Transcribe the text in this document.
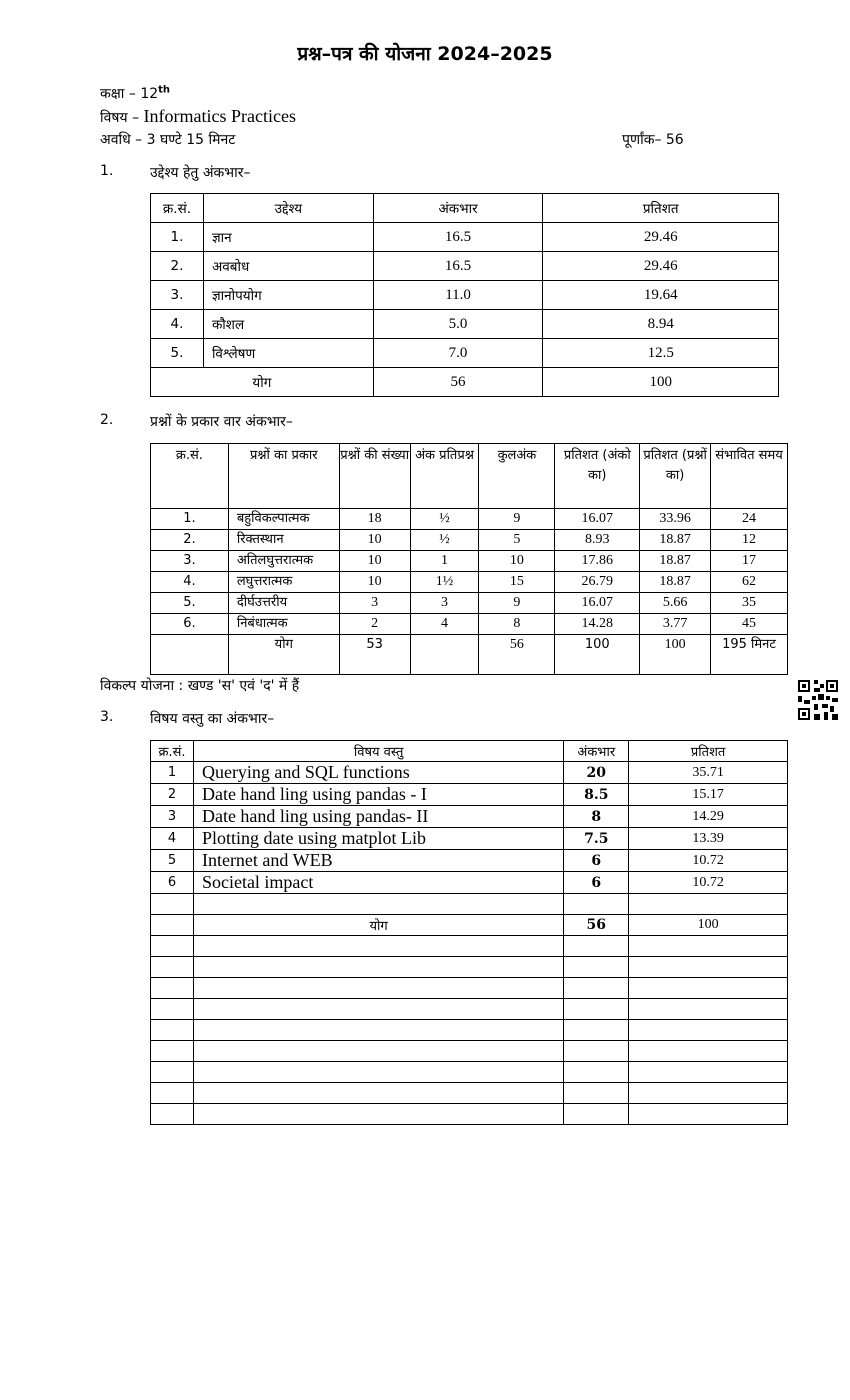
प्रश्न–पत्र की योजना 2024–2025
कक्षा – 12th
विषय – Informatics Practices
अवधि – 3 घण्टे 15 मिनट	पूर्णांक– 56
1.	उद्देश्य हेतु अंकभार–
क्र.सं.	उद्देश्य	अंकभार	प्रतिशत
1.	ज्ञान	16.5	29.46
2.	अवबोध	16.5	29.46
3.	ज्ञानोपयोग	11.0	19.64
4.	कौशल	5.0	8.94
5.	विश्लेषण	7.0	12.5
योग		56	100
2.	प्रश्नों के प्रकार वार अंकभार–
क्र.सं.	प्रश्नों का प्रकार	प्रश्नों की संख्या	अंक प्रतिप्रश्न	कुलअंक	प्रतिशत (अंको का)	प्रतिशत (प्रश्नों का)	संभावित समय
1.	बहुविकल्पात्मक	18	½	9	16.07	33.96	24
2.	रिक्तस्थान	10	½	5	8.93	18.87	12
3.	अतिलघुत्तरात्मक	10	1	10	17.86	18.87	17
4.	लघुत्तरात्मक	10	1½	15	26.79	18.87	62
5.	दीर्घउत्तरीय	3	3	9	16.07	5.66	35
6.	निबंधात्मक	2	4	8	14.28	3.77	45
	योग	53		56	100	100	195 मिनट
विकल्प योजना : खण्ड 'स' एवं 'द' में हैं
3.	विषय वस्तु का अंकभार–
क्र.सं.	विषय वस्तु	अंकभार	प्रतिशत
1	Querying and SQL functions	20	35.71
2	Date hand ling using pandas - I	8.5	15.17
3	Date hand ling using pandas- II	8	14.29
4	Plotting date using matplot Lib	7.5	13.39
5	Internet and WEB	6	10.72
6	Societal impact	6	10.72

	योग	56	100
